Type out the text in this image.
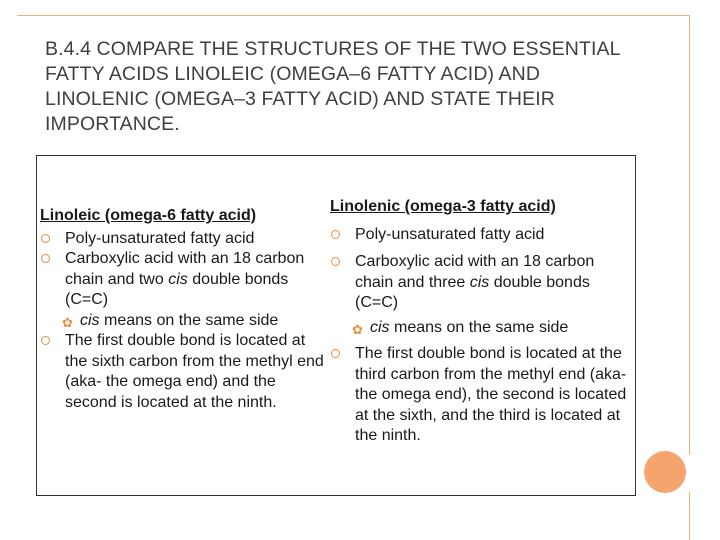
B.4.4 COMPARE THE STRUCTURES OF THE TWO ESSENTIAL FATTY ACIDS LINOLEIC (OMEGA–6 FATTY ACID) AND LINOLENIC (OMEGA–3 FATTY ACID) AND STATE THEIR IMPORTANCE.
Linoleic (omega-6 fatty acid)

Poly-unsaturated fatty acid

Carboxylic acid with an 18 carbon chain and two cis double bonds (C=C)

✿ cis means on the same side

The first double bond is located at the sixth carbon from the methyl end (aka- the omega end) and the second is located at the ninth.

Linolenic (omega-3 fatty acid)

Poly-unsaturated fatty acid

Carboxylic acid with an 18 carbon chain and three cis double bonds (C=C)

✿ cis means on the same side

The first double bond is located at the third carbon from the methyl end (aka- the omega end), the second is located at the sixth, and the third is located at the ninth.
